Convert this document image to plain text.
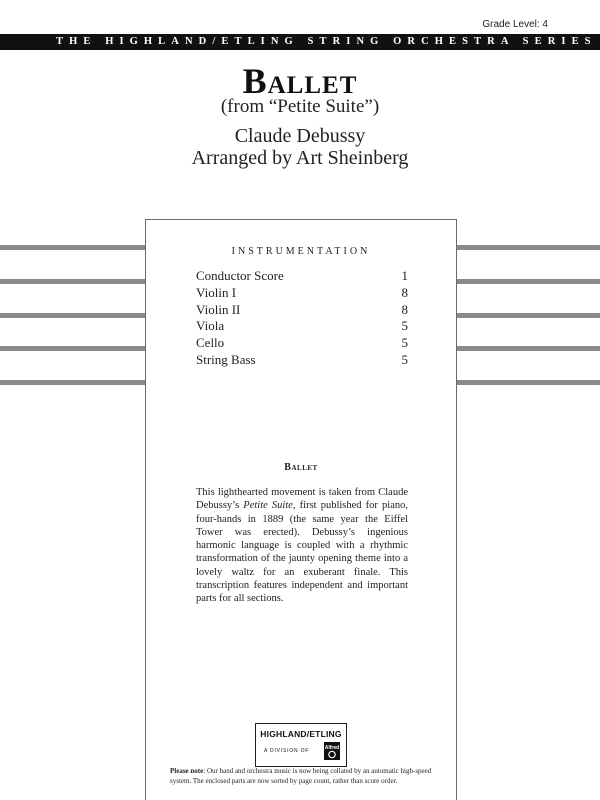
Grade Level: 4
THE HIGHLAND/ETLING STRING ORCHESTRA SERIES
Ballet
(from “Petite Suite”)
Claude Debussy
Arranged by Art Sheinberg
INSTRUMENTATION
Conductor Score	1
Violin I	8
Violin II	8
Viola	5
Cello	5
String Bass	5
Ballet
This lighthearted movement is taken from Claude Debussy’s Petite Suite, first published for piano, four-hands in 1889 (the same year the Eiffel Tower was erected). Debussy’s ingenious harmonic language is coupled with a rhythmic transformation of the jaunty opening theme into a lovely waltz for an exuberant finale. This transcription features independent and important parts for all sections.
HIGHLAND/ETLING
A DIVISION OF	Alfred
Please note: Our band and orchestra music is now being collated by an automatic high-speed system. The enclosed parts are now sorted by page count, rather than score order.
